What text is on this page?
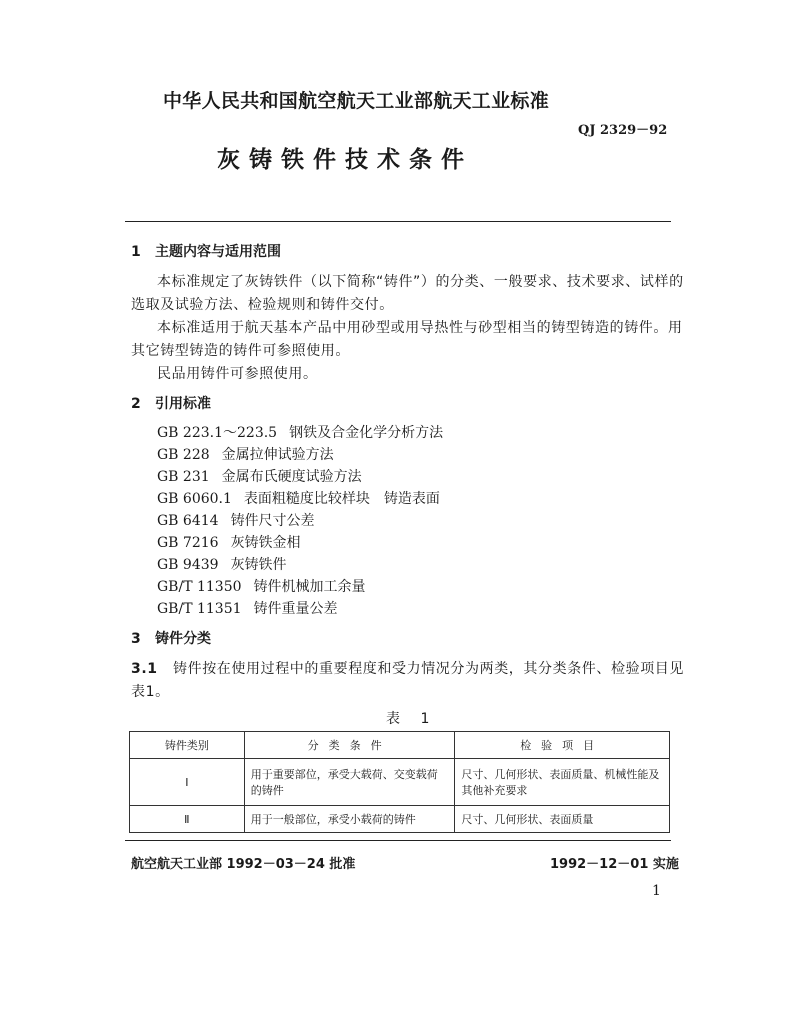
中华人民共和国航空航天工业部航天工业标准
QJ 2329－92
灰铸铁件技术条件
1 主题内容与适用范围
本标准规定了灰铸铁件（以下简称“铸件”）的分类、一般要求、技术要求、试样的
选取及试验方法、检验规则和铸件交付。
本标准适用于航天基本产品中用砂型或用导热性与砂型相当的铸型铸造的铸件。用
其它铸型铸造的铸件可参照使用。
民品用铸件可参照使用。
2 引用标准
GB 223.1～223.5 钢铁及合金化学分析方法
GB 228 金属拉伸试验方法
GB 231 金属布氏硬度试验方法
GB 6060.1 表面粗糙度比较样块　铸造表面
GB 6414 铸件尺寸公差
GB 7216 灰铸铁金相
GB 9439 灰铸铁件
GB/T 11350 铸件机械加工余量
GB/T 11351 铸件重量公差
3 铸件分类
3.1 铸件按在使用过程中的重要程度和受力情况分为两类，其分类条件、检验项目见
表1。
表 1
铸件类别	分类条件	检验项目
Ⅰ	用于重要部位，承受大载荷、交变载荷的铸件	尺寸、几何形状、表面质量、机械性能及其他补充要求
Ⅱ	用于一般部位，承受小载荷的铸件	尺寸、几何形状、表面质量
航空航天工业部 1992－03－24 批准	1992－12－01 实施
1
